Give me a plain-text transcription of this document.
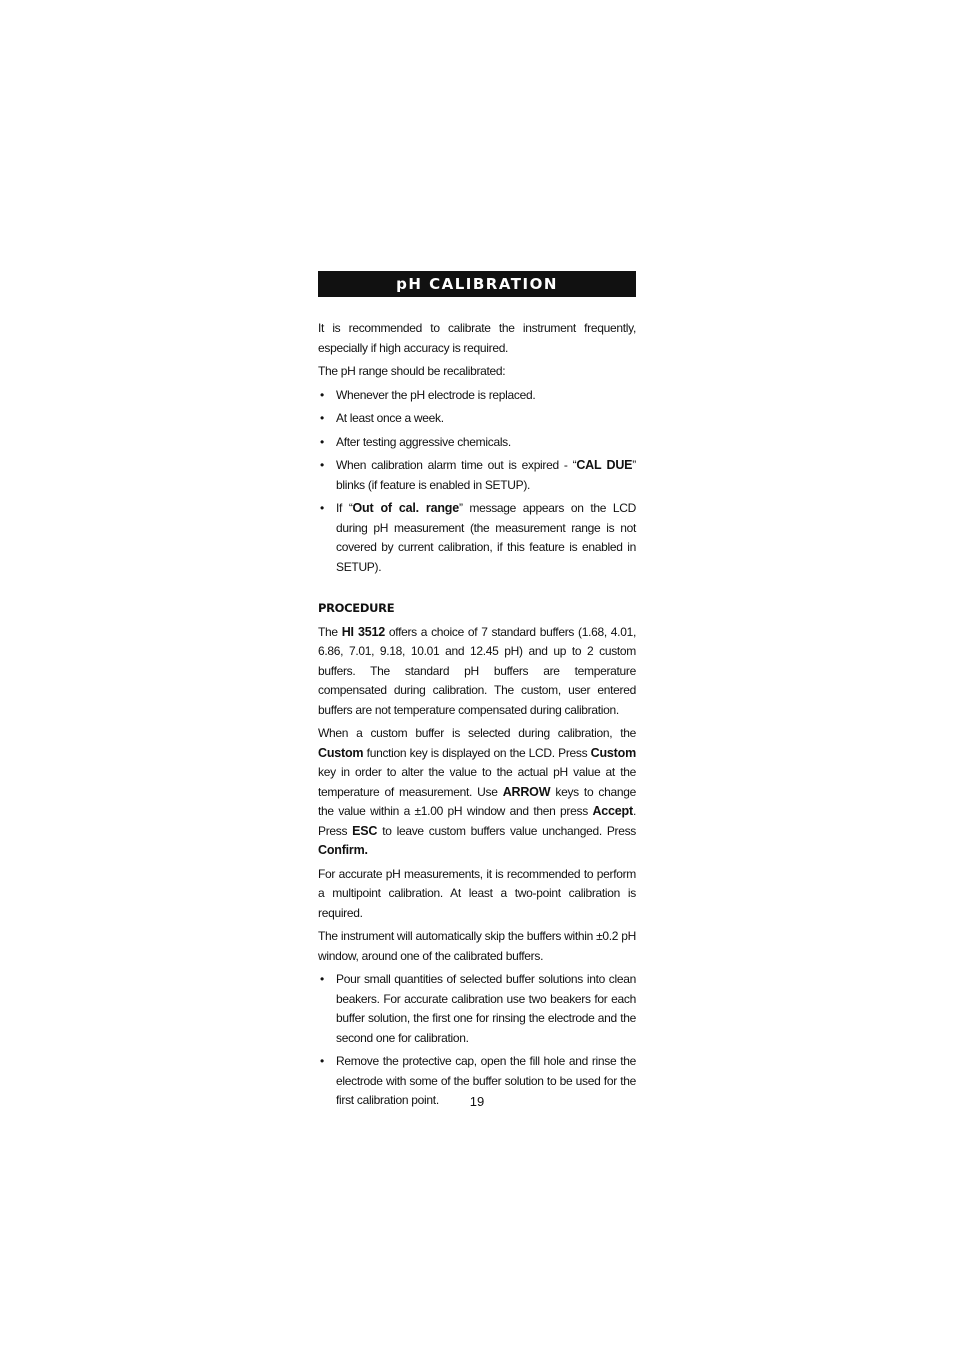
pH CALIBRATION

It is recommended to calibrate the instrument frequently, especially if high accuracy is required.

The pH range should be recalibrated:

• Whenever the pH electrode is replaced.
• At least once a week.
• After testing aggressive chemicals.
• When calibration alarm time out is expired - “CAL DUE” blinks (if feature is enabled in SETUP).
• If “Out of cal. range” message appears on the LCD during pH measurement (the measurement range is not covered by current calibration, if this feature is enabled in SETUP).
PROCEDURE

The HI 3512 offers a choice of 7 standard buffers (1.68, 4.01, 6.86, 7.01, 9.18, 10.01 and 12.45 pH) and up to 2 custom buffers. The standard pH buffers are temperature compensated during calibration. The custom, user entered buffers are not temperature compensated during calibration.

When a custom buffer is selected during calibration, the Custom function key is displayed on the LCD. Press Custom key in order to alter the value to the actual pH value at the temperature of measurement. Use ARROW keys to change the value within a ±1.00 pH window and then press Accept. Press ESC to leave custom buffers value unchanged. Press Confirm.

For accurate pH measurements, it is recommended to perform a multipoint calibration. At least a two-point calibration is required.

The instrument will automatically skip the buffers within ±0.2 pH window, around one of the calibrated buffers.

• Pour small quantities of selected buffer solutions into clean beakers. For accurate calibration use two beakers for each buffer solution, the first one for rinsing the electrode and the second one for calibration.
• Remove the protective cap, open the fill hole and rinse the electrode with some of the buffer solution to be used for the first calibration point.	19
